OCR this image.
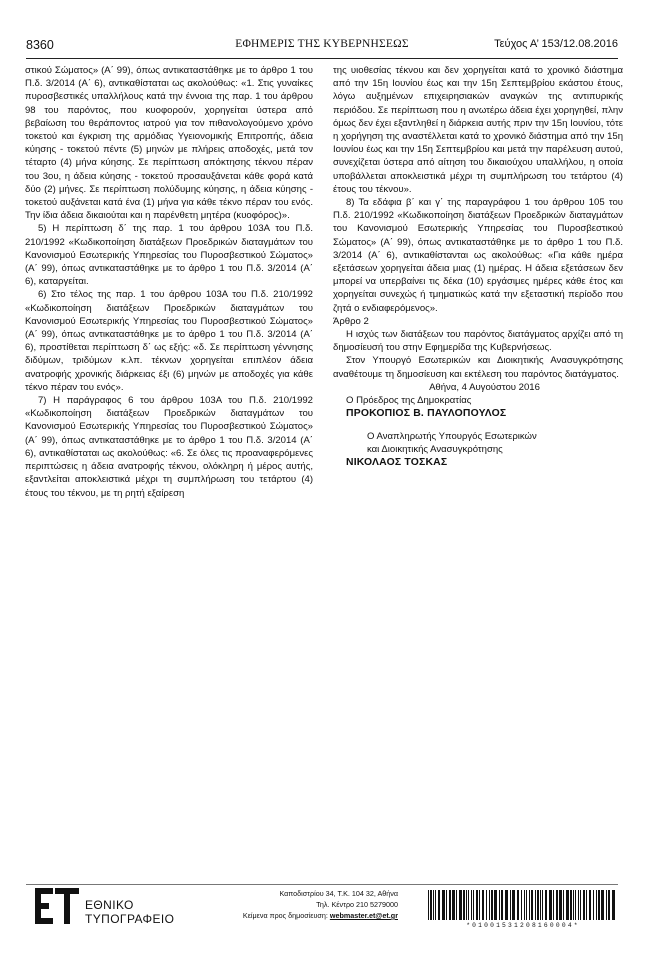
8360	ΕΦΗΜΕΡΙΣ ΤΗΣ ΚΥΒΕΡΝΗΣΕΩΣ	Τεύχος Α’ 153/12.08.2016

στικού Σώματος» (Α΄ 99), όπως αντικαταστάθηκε με το άρθρο 1 του Π.δ. 3/2014 (Α΄ 6), αντικαθίσταται ως ακολούθως: «1. Στις γυναίκες πυροσβεστικές υπαλλήλους κατά την έννοια της παρ. 1 του άρθρου 98 του παρόντος, που κυοφορούν, χορηγείται ύστερα από βεβαίωση του θεράποντος ιατρού για τον πιθανολογούμενο χρόνο τοκετού και έγκριση της αρμόδιας Υγειονομικής Επιτροπής, άδεια κύησης - τοκετού πέντε (5) μηνών με πλήρεις αποδοχές, μετά τον τέταρτο (4) μήνα κύησης. Σε περίπτωση απόκτησης τέκνου πέραν του 3ου, η άδεια κύησης - τοκετού προσαυξάνεται κάθε φορά κατά δύο (2) μήνες. Σε περίπτωση πολύδυμης κύησης, η άδεια κύησης - τοκετού αυξάνεται κατά ένα (1) μήνα για κάθε τέκνο πέραν του ενός. Την ίδια άδεια δικαιούται και η παρένθετη μητέρα (κυοφόρος)».

5) Η περίπτωση δ΄ της παρ. 1 του άρθρου 103Α του Π.δ. 210/1992 «Κωδικοποίηση διατάξεων Προεδρικών διαταγμάτων του Κανονισμού Εσωτερικής Υπηρεσίας του Πυροσβεστικού Σώματος» (Α΄ 99), όπως αντικαταστάθηκε με το άρθρο 1 του Π.δ. 3/2014 (Α΄ 6), καταργείται.

6) Στο τέλος της παρ. 1 του άρθρου 103Α του Π.δ. 210/1992 «Κωδικοποίηση διατάξεων Προεδρικών διαταγμάτων του Κανονισμού Εσωτερικής Υπηρεσίας του Πυροσβεστικού Σώματος» (Α΄ 99), όπως αντικαταστάθηκε με το άρθρο 1 του Π.δ. 3/2014 (Α΄ 6), προστίθεται περίπτωση δ΄ ως εξής: «δ. Σε περίπτωση γέννησης διδύμων, τριδύμων κ.λπ. τέκνων χορηγείται επιπλέον άδεια ανατροφής χρονικής διάρκειας έξι (6) μηνών με αποδοχές για κάθε τέκνο πέραν του ενός».

7) Η παράγραφος 6 του άρθρου 103Α του Π.δ. 210/1992 «Κωδικοποίηση διατάξεων Προεδρικών διαταγμάτων του Κανονισμού Εσωτερικής Υπηρεσίας του Πυροσβεστικού Σώματος» (Α΄ 99), όπως αντικαταστάθηκε με το άρθρο 1 του Π.δ. 3/2014 (Α΄ 6), αντικαθίσταται ως ακολούθως: «6. Σε όλες τις προαναφερόμενες περιπτώσεις η άδεια ανατροφής τέκνου, ολόκληρη ή μέρος αυτής, εξαντλείται αποκλειστικά μέχρι τη συμπλήρωση του τετάρτου (4) έτους του τέκνου, με τη ρητή εξαίρεση

της υιοθεσίας τέκνου και δεν χορηγείται κατά το χρονικό διάστημα από την 15η Ιουνίου έως και την 15η Σεπτεμβρίου εκάστου έτους, λόγω αυξημένων επιχειρησιακών αναγκών της αντιπυρικής περιόδου. Σε περίπτωση που η ανωτέρω άδεια έχει χορηγηθεί, πλην όμως δεν έχει εξαντληθεί η διάρκεια αυτής πριν την 15η Ιουνίου, τότε η χορήγηση της αναστέλλεται κατά το χρονικό διάστημα από την 15η Ιουνίου έως και την 15η Σεπτεμβρίου και μετά την παρέλευση αυτού, συνεχίζεται ύστερα από αίτηση του δικαιούχου υπαλλήλου, η οποία υποβάλλεται αποκλειστικά μέχρι τη συμπλήρωση του τετάρτου (4) έτους του τέκνου».

8) Τα εδάφια β΄ και γ΄ της παραγράφου 1 του άρθρου 105 του Π.δ. 210/1992 «Κωδικοποίηση διατάξεων Προεδρικών διαταγμάτων του Κανονισμού Εσωτερικής Υπηρεσίας του Πυροσβεστικού Σώματος» (Α΄ 99), όπως αντικαταστάθηκε με το άρθρο 1 του Π.δ. 3/2014 (Α΄ 6), αντικαθίστανται ως ακολούθως: «Για κάθε ημέρα εξετάσεων χορηγείται άδεια μιας (1) ημέρας. Η άδεια εξετάσεων δεν μπορεί να υπερβαίνει τις δέκα (10) εργάσιμες ημέρες κάθε έτος και χορηγείται συνεχώς ή τμηματικώς κατά την εξεταστική περίοδο που ζητά ο ενδιαφερόμενος».

Άρθρο 2

Η ισχύς των διατάξεων του παρόντος διατάγματος αρχίζει από τη δημοσίευσή του στην Εφημερίδα της Κυβερνήσεως.

Στον Υπουργό Εσωτερικών και Διοικητικής Ανασυγκρότησης αναθέτουμε τη δημοσίευση και εκτέλεση του παρόντος διατάγματος.

Αθήνα, 4 Αυγούστου 2016

Ο Πρόεδρος της Δημοκρατίας

ΠΡΟΚΟΠΙΟΣ Β. ΠΑΥΛΟΠΟΥΛΟΣ

Ο Αναπληρωτής Υπουργός Εσωτερικών
και Διοικητικής Ανασυγκρότησης

ΝΙΚΟΛΑΟΣ ΤΟΣΚΑΣ

ΕΘΝΙΚΟ
ΤΥΠΟΓΡΑΦΕΙΟ
Καποδιστρίου 34, Τ.Κ. 104 32, Αθήνα
Τηλ. Κέντρο 210 5279000
Κείμενα προς δημοσίευση: webmaster.et@et.gr
*01001531208160004*
